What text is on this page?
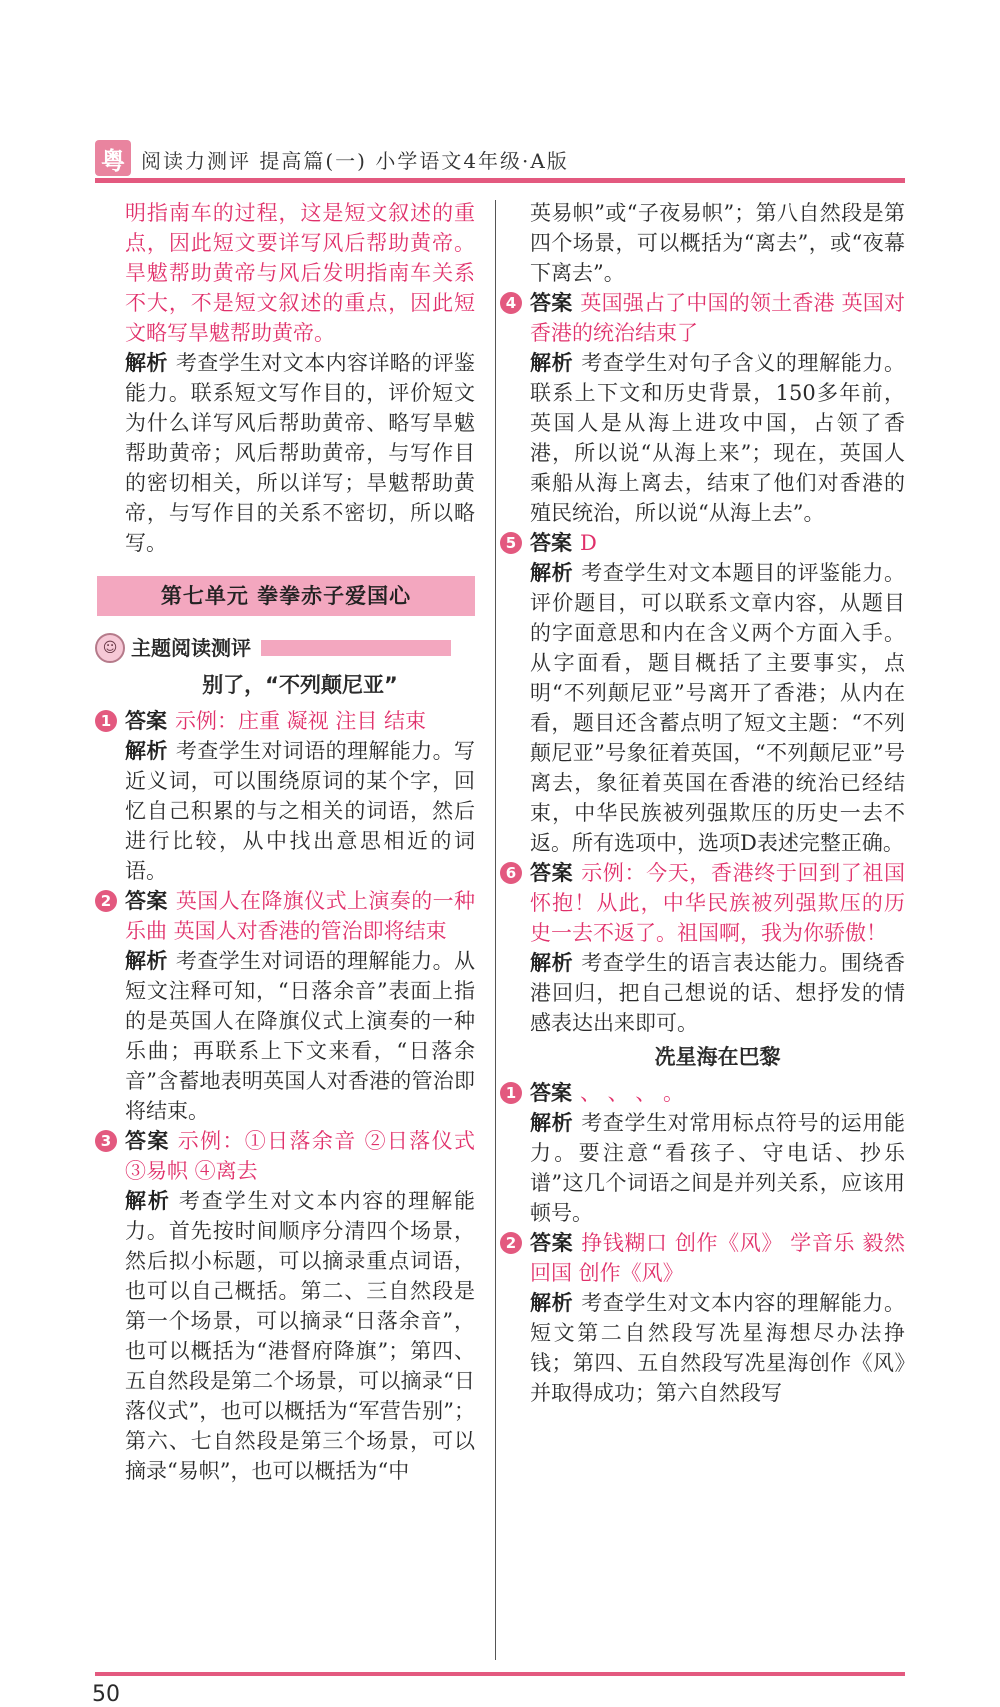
粤 阅读力测评 提高篇(一) 小学语文4年级·A版
明指南车的过程，这是短文叙述的重点，因此短文要详写风后帮助黄帝。旱魃帮助黄帝与风后发明指南车关系不大，不是短文叙述的重点，因此短文略写旱魃帮助黄帝。
解析 考查学生对文本内容详略的评鉴能力。联系短文写作目的，评价短文为什么详写风后帮助黄帝、略写旱魃帮助黄帝；风后帮助黄帝，与写作目的密切相关，所以详写；旱魃帮助黄帝，与写作目的关系不密切，所以略写。
第七单元 拳拳赤子爱国心
☺ 主题阅读测评
别了，“不列颠尼亚”
1 答案 示例：庄重 凝视 注目 结束
解析 考查学生对词语的理解能力。写近义词，可以围绕原词的某个字，回忆自己积累的与之相关的词语，然后进行比较，从中找出意思相近的词语。
2 答案 英国人在降旗仪式上演奏的一种乐曲 英国人对香港的管治即将结束
解析 考查学生对词语的理解能力。从短文注释可知，“日落余音”表面上指的是英国人在降旗仪式上演奏的一种乐曲；再联系上下文来看，“日落余音”含蓄地表明英国人对香港的管治即将结束。
3 答案 示例：①日落余音 ②日落仪式 ③易帜 ④离去
解析 考查学生对文本内容的理解能力。首先按时间顺序分清四个场景，然后拟小标题，可以摘录重点词语，也可以自己概括。第二、三自然段是第一个场景，可以摘录“日落余音”，也可以概括为“港督府降旗”；第四、五自然段是第二个场景，可以摘录“日落仪式”，也可以概括为“军营告别”；第六、七自然段是第三个场景，可以摘录“易帜”，也可以概括为“中
英易帜”或“子夜易帜”；第八自然段是第四个场景，可以概括为“离去”，或“夜幕下离去”。
4 答案 英国强占了中国的领土香港 英国对香港的统治结束了
解析 考查学生对句子含义的理解能力。联系上下文和历史背景，150多年前，英国人是从海上进攻中国，占领了香港，所以说“从海上来”；现在，英国人乘船从海上离去，结束了他们对香港的殖民统治，所以说“从海上去”。
5 答案 D
解析 考查学生对文本题目的评鉴能力。评价题目，可以联系文章内容，从题目的字面意思和内在含义两个方面入手。从字面看，题目概括了主要事实，点明“不列颠尼亚”号离开了香港；从内在看，题目还含蓄点明了短文主题：“不列颠尼亚”号象征着英国，“不列颠尼亚”号离去，象征着英国在香港的统治已经结束，中华民族被列强欺压的历史一去不返。所有选项中，选项D表述完整正确。
6 答案 示例：今天，香港终于回到了祖国怀抱！从此，中华民族被列强欺压的历史一去不返了。祖国啊，我为你骄傲！
解析 考查学生的语言表达能力。围绕香港回归，把自己想说的话、想抒发的情感表达出来即可。
冼星海在巴黎
1 答案 、 、 、 。
解析 考查学生对常用标点符号的运用能力。要注意“看孩子、守电话、抄乐谱”这几个词语之间是并列关系，应该用顿号。
2 答案 挣钱糊口 创作《风》 学音乐 毅然回国 创作《风》
解析 考查学生对文本内容的理解能力。短文第二自然段写冼星海想尽办法挣钱；第四、五自然段写冼星海创作《风》并取得成功；第六自然段写
50
